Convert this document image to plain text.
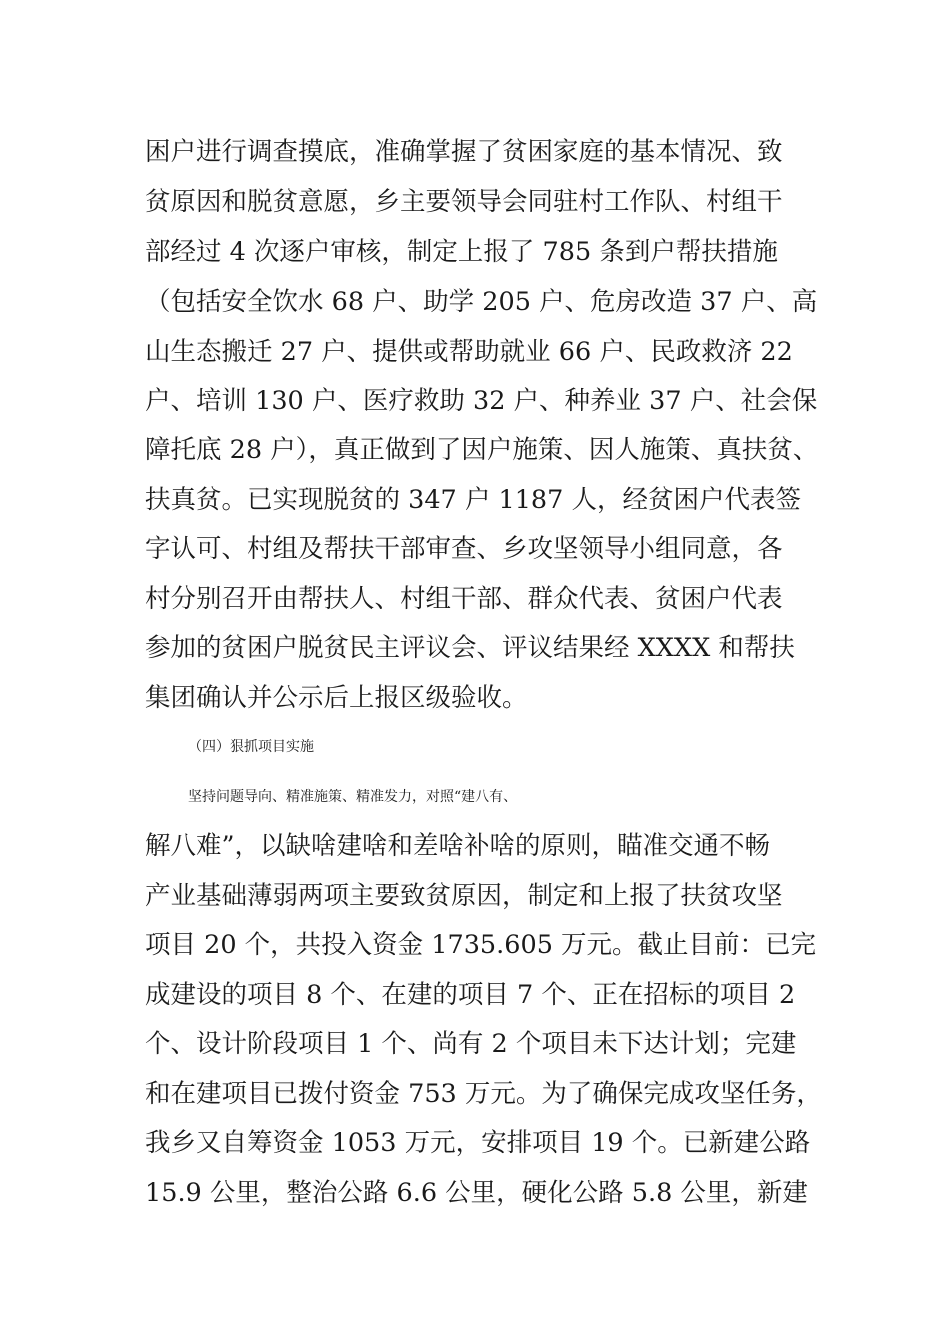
困户进行调查摸底，准确掌握了贫困家庭的基本情况、致
贫原因和脱贫意愿，乡主要领导会同驻村工作队、村组干
部经过 4 次逐户审核，制定上报了 785 条到户帮扶措施
（包括安全饮水 68 户、助学 205 户、危房改造 37 户、高
山生态搬迁 27 户、提供或帮助就业 66 户、民政救济 22
户、培训 130 户、医疗救助 32 户、种养业 37 户、社会保
障托底 28 户），真正做到了因户施策、因人施策、真扶贫、
扶真贫。已实现脱贫的 347 户 1187 人，经贫困户代表签
字认可、村组及帮扶干部审查、乡攻坚领导小组同意，各
村分别召开由帮扶人、村组干部、群众代表、贫困户代表
参加的贫困户脱贫民主评议会、评议结果经 XXXX 和帮扶
集团确认并公示后上报区级验收。
（四）狠抓项目实施
坚持问题导向、精准施策、精准发力，对照“建八有、
解八难”，以缺啥建啥和差啥补啥的原则，瞄准交通不畅
产业基础薄弱两项主要致贫原因，制定和上报了扶贫攻坚
项目 20 个，共投入资金 1735.605 万元。截止目前：已完
成建设的项目 8 个、在建的项目 7 个、正在招标的项目 2
个、设计阶段项目 1 个、尚有 2 个项目未下达计划；完建
和在建项目已拨付资金 753 万元。为了确保完成攻坚任务，
我乡又自筹资金 1053 万元，安排项目 19 个。已新建公路
15.9 公里，整治公路 6.6 公里，硬化公路 5.8 公里，新建
